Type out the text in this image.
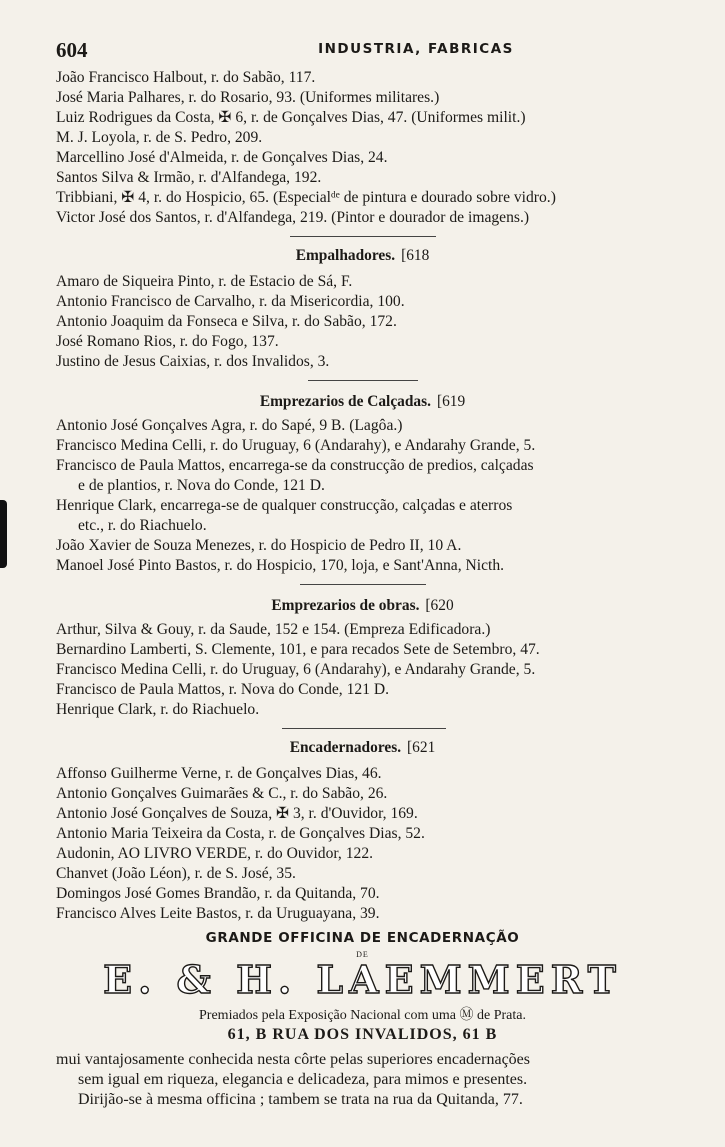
604	INDUSTRIA, FABRICAS
João Francisco Halbout, r. do Sabão, 117.
José Maria Palhares, r. do Rosario, 93. (Uniformes militares.)
Luiz Rodrigues da Costa, ✠ 6, r. de Gonçalves Dias, 47. (Uniformes milit.)
M. J. Loyola, r. de S. Pedro, 209.
Marcellino José d'Almeida, r. de Gonçalves Dias, 24.
Santos Silva & Irmão, r. d'Alfandega, 192.
Tribbiani, ✠ 4, r. do Hospicio, 65. (Especialᵈᵉ de pintura e dourado sobre vidro.)
Victor José dos Santos, r. d'Alfandega, 219. (Pintor e dourador de imagens.)
Empalhadores. [618
Amaro de Siqueira Pinto, r. de Estacio de Sá, F.
Antonio Francisco de Carvalho, r. da Misericordia, 100.
Antonio Joaquim da Fonseca e Silva, r. do Sabão, 172.
José Romano Rios, r. do Fogo, 137.
Justino de Jesus Caixias, r. dos Invalidos, 3.
Emprezarios de Calçadas. [619
Antonio José Gonçalves Agra, r. do Sapé, 9 B. (Lagôa.)
Francisco Medina Celli, r. do Uruguay, 6 (Andarahy), e Andarahy Grande, 5.
Francisco de Paula Mattos, encarrega-se da construcção de predios, calçadas
e de plantios, r. Nova do Conde, 121 D.
Henrique Clark, encarrega-se de qualquer construcção, calçadas e aterros
etc., r. do Riachuelo.
João Xavier de Souza Menezes, r. do Hospicio de Pedro II, 10 A.
Manoel José Pinto Bastos, r. do Hospicio, 170, loja, e Sant'Anna, Nicth.
Emprezarios de obras. [620
Arthur, Silva & Gouy, r. da Saude, 152 e 154. (Empreza Edificadora.)
Bernardino Lamberti, S. Clemente, 101, e para recados Sete de Setembro, 47.
Francisco Medina Celli, r. do Uruguay, 6 (Andarahy), e Andarahy Grande, 5.
Francisco de Paula Mattos, r. Nova do Conde, 121 D.
Henrique Clark, r. do Riachuelo.
Encadernadores. [621
Affonso Guilherme Verne, r. de Gonçalves Dias, 46.
Antonio Gonçalves Guimarães & C., r. do Sabão, 26.
Antonio José Gonçalves de Souza, ✠ 3, r. d'Ouvidor, 169.
Antonio Maria Teixeira da Costa, r. de Gonçalves Dias, 52.
Audonin, AO LIVRO VERDE, r. do Ouvidor, 122.
Chanvet (João Léon), r. de S. José, 35.
Domingos José Gomes Brandão, r. da Quitanda, 70.
Francisco Alves Leite Bastos, r. da Uruguayana, 39.
GRANDE OFFICINA DE ENCADERNAÇÃO
DE
E. & H. LAEMMERT
Premiados pela Exposição Nacional com uma Ⓜ de Prata.
61, B RUA DOS INVALIDOS, 61 B
mui vantajosamente conhecida nesta côrte pelas superiores encadernações
sem igual em riqueza, elegancia e delicadeza, para mimos e presentes.
Dirijão-se à mesma officina ; tambem se trata na rua da Quitanda, 77.
